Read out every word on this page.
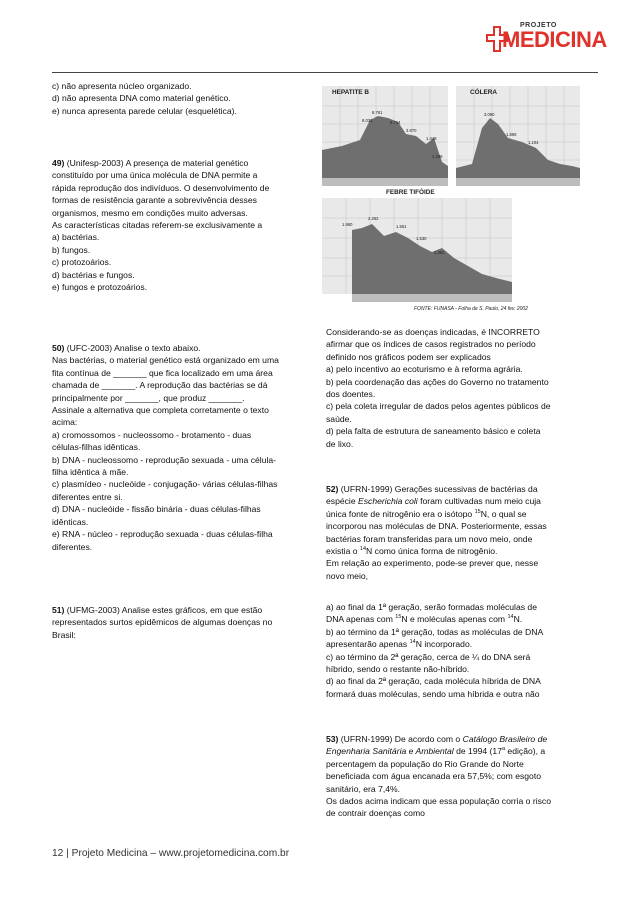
PROJETO
MEDICINA

c) não apresenta núcleo organizado.

d) não apresenta DNA como material genético.

e) nunca apresenta parede celular (esquelética).

49) (Unifesp-2003) A presença de material genético

constituído por uma única molécula de DNA permite a

rápida reprodução dos indivíduos. O desenvolvimento de

formas de resistência garante a sobrevivência desses

organismos, mesmo em condições muito adversas.

As características citadas referem-se exclusivamente a

a) bactérias.

b) fungos.

c) protozoários.

d) bactérias e fungos.

e) fungos e protozoários.

50) (UFC-2003) Analise o texto abaixo.

Nas bactérias, o material genético está organizado em uma

fita contínua de _______ que fica localizado em uma área

chamada de _______. A reprodução das bactérias se dá

principalmente por _______, que produz _______.

Assinale a alternativa que completa corretamente o texto

acima:

a) cromossomos - nucleossomo - brotamento - duas

células-filhas idênticas.

b) DNA - nucleossomo - reprodução sexuada - uma célula-

filha idêntica à mãe.

c) plasmídeo - nucleóide - conjugação- várias células-filhas

diferentes entre si.

d) DNA - nucleóide - fissão binária - duas células-filhas

idênticas.

e) RNA - núcleo - reprodução sexuada - duas células-filha

diferentes.

51) (UFMG-2003) Analise estes gráficos, em que estão

representados surtos epidêmicos de algumas doenças no

Brasil:

HEPATITE B
8.761
8.031	6.714
3.870
1.449
1.289
CÓLERA
3.090
1.869
1.104
FEBRE TIFÓIDE
2.262
1.960	1.551
1.530
1.362
FONTE: FUNASA - Folha de S. Paulo, 24 fev. 2002

Considerando-se as doenças indicadas, é INCORRETO

afirmar que os índices de casos registrados no período

definido nos gráficos podem ser explicados

a) pelo incentivo ao ecoturismo e à reforma agrária.

b) pela coordenação das ações do Governo no tratamento

dos doentes.

c) pela coleta irregular de dados pelos agentes públicos de

saúde.

d) pela falta de estrutura de saneamento básico e coleta

de lixo.

52) (UFRN-1999) Gerações sucessivas de bactérias da

espécie Escherichia coli foram cultivadas num meio cuja

única fonte de nitrogênio era o isótopo $^{15}$N, o qual se

incorporou nas moléculas de DNA. Posteriormente, essas

bactérias foram transferidas para um novo meio, onde

existia o $^{14}$N como única forma de nitrogênio.

Em relação ao experimento, pode-se prever que, nesse

novo meio,

a) ao final da 1ª geração, serão formadas moléculas de

DNA apenas com $^{15}$N e moléculas apenas com $^{14}$N.

b) ao término da 1ª geração, todas as moléculas de DNA

apresentarão apenas $^{14}$N incorporado.

c) ao término da 2ª geração, cerca de ¼ do DNA será

híbrido, sendo o restante não-híbrido.

d) ao final da 2ª geração, cada molécula híbrida de DNA

formará duas moléculas, sendo uma híbrida e outra não

53) (UFRN-1999) De acordo com o Catálogo Brasileiro de

Engenharia Sanitária e Ambiental de 1994 (17$^a$ edição), a

percentagem da população do Rio Grande do Norte

beneficiada com água encanada era 57,5%; com esgoto

sanitário, era 7,4%.

Os dados acima indicam que essa população corria o risco

de contrair doenças como

12 | Projeto Medicina – www.projetomedicina.com.br
